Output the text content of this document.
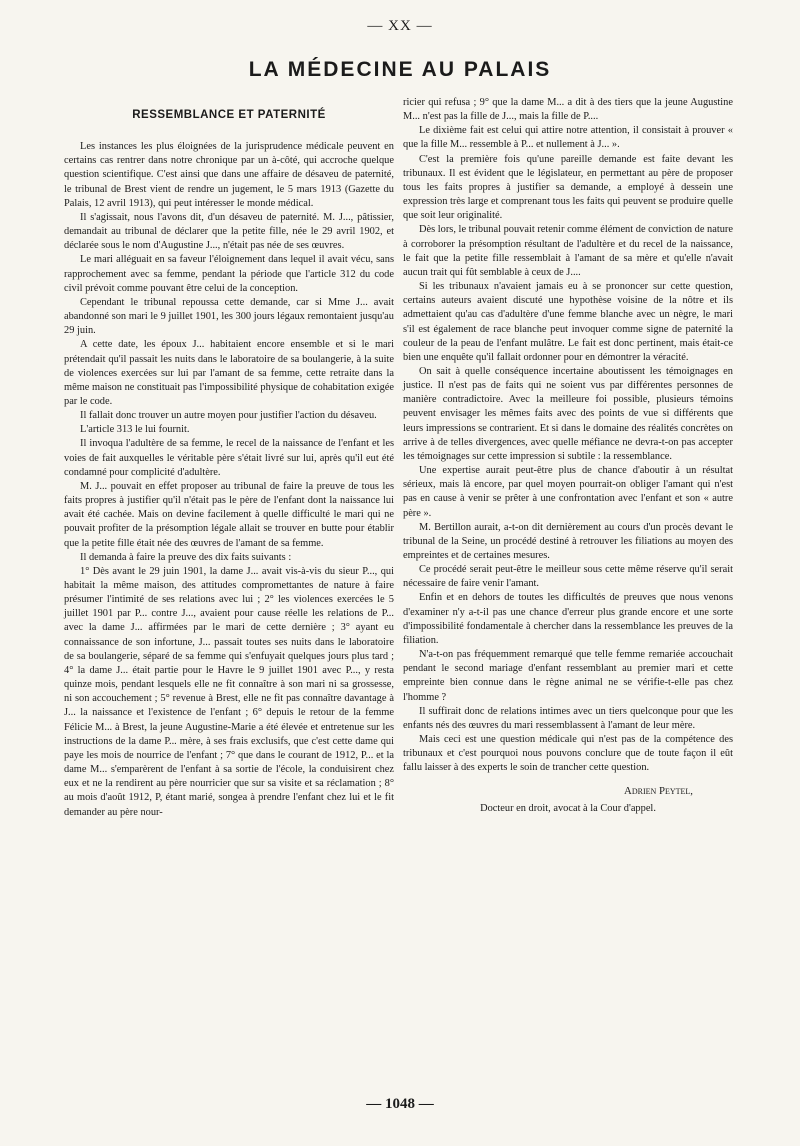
— XX —
LA MÉDECINE AU PALAIS
RESSEMBLANCE ET PATERNITÉ

Les instances les plus éloignées de la jurisprudence médicale peuvent en certains cas rentrer dans notre chronique par un à-côté, qui accroche quelque question scientifique. C'est ainsi que dans une affaire de désaveu de paternité, le tribunal de Brest vient de rendre un jugement, le 5 mars 1913 (Gazette du Palais, 12 avril 1913), qui peut intéresser le monde médical.

Il s'agissait, nous l'avons dit, d'un désaveu de paternité. M. J..., pâtissier, demandait au tribunal de déclarer que la petite fille, née le 29 avril 1902, et déclarée sous le nom d'Augustine J..., n'était pas née de ses œuvres.

Le mari alléguait en sa faveur l'éloignement dans lequel il avait vécu, sans rapprochement avec sa femme, pendant la période que l'article 312 du code civil prévoit comme pouvant être celui de la conception.

Cependant le tribunal repoussa cette demande, car si Mme J... avait abandonné son mari le 9 juillet 1901, les 300 jours légaux remontaient jusqu'au 29 juin.

A cette date, les époux J... habitaient encore ensemble et si le mari prétendait qu'il passait les nuits dans le laboratoire de sa boulangerie, à la suite de violences exercées sur lui par l'amant de sa femme, cette retraite dans la même maison ne constituait pas l'impossibilité physique de cohabitation exigée par le code.

Il fallait donc trouver un autre moyen pour justifier l'action du désaveu.

L'article 313 le lui fournit.

Il invoqua l'adultère de sa femme, le recel de la naissance de l'enfant et les voies de fait auxquelles le véritable père s'était livré sur lui, après qu'il eut été condamné pour complicité d'adultère.

M. J... pouvait en effet proposer au tribunal de faire la preuve de tous les faits propres à justifier qu'il n'était pas le père de l'enfant dont la naissance lui avait été cachée. Mais on devine facilement à quelle difficulté le mari qui ne pouvait profiter de la présomption légale allait se trouver en butte pour établir que la petite fille était née des œuvres de l'amant de sa femme.

Il demanda à faire la preuve des dix faits suivants :

1° Dès avant le 29 juin 1901, la dame J... avait vis-à-vis du sieur P..., qui habitait la même maison, des attitudes compromettantes de nature à faire présumer l'intimité de ses relations avec lui ; 2° les violences exercées le 5 juillet 1901 par P... contre J..., avaient pour cause réelle les relations de P... avec la dame J... affirmées par le mari de cette dernière ; 3° ayant eu connaissance de son infortune, J... passait toutes ses nuits dans le laboratoire de sa boulangerie, séparé de sa femme qui s'enfuyait quelques jours plus tard ; 4° la dame J... était partie pour le Havre le 9 juillet 1901 avec P..., y resta quinze mois, pendant lesquels elle ne fit connaître à son mari ni sa grossesse, ni son accouchement ; 5° revenue à Brest, elle ne fit pas connaître davantage à J... la naissance et l'existence de l'enfant ; 6° depuis le retour de la femme Félicie M... à Brest, la jeune Augustine-Marie a été élevée et entretenue sur les instructions de la dame P... mère, à ses frais exclusifs, que c'est cette dame qui paye les mois de nourrice de l'enfant ; 7° que dans le courant de 1912, P... et la dame M... s'emparèrent de l'enfant à sa sortie de l'école, la conduisirent chez eux et ne la rendirent au père nourricier que sur sa visite et sa réclamation ; 8° au mois d'août 1912, P, étant marié, songea à prendre l'enfant chez lui et le fit demander au père nour-

ricier qui refusa ; 9° que la dame M... a dit à des tiers que la jeune Augustine M... n'est pas la fille de J..., mais la fille de P....

Le dixième fait est celui qui attire notre attention, il consistait à prouver « que la fille M... ressemble à P... et nullement à J... ».

C'est la première fois qu'une pareille demande est faite devant les tribunaux. Il est évident que le législateur, en permettant au père de proposer tous les faits propres à justifier sa demande, a employé à dessein une expression très large et comprenant tous les faits qui peuvent se produire quelle que soit leur originalité.

Dès lors, le tribunal pouvait retenir comme élément de conviction de nature à corroborer la présomption résultant de l'adultère et du recel de la naissance, le fait que la petite fille ressemblait à l'amant de sa mère et qu'elle n'avait aucun trait qui fût semblable à ceux de J....

Si les tribunaux n'avaient jamais eu à se prononcer sur cette question, certains auteurs avaient discuté une hypothèse voisine de la nôtre et ils admettaient qu'au cas d'adultère d'une femme blanche avec un nègre, le mari s'il est également de race blanche peut invoquer comme signe de paternité la couleur de la peau de l'enfant mulâtre. Le fait est donc pertinent, mais était-ce bien une enquête qu'il fallait ordonner pour en démontrer la véracité.

On sait à quelle conséquence incertaine aboutissent les témoignages en justice. Il n'est pas de faits qui ne soient vus par différentes personnes de manière contradictoire. Avec la meilleure foi possible, plusieurs témoins peuvent envisager les mêmes faits avec des points de vue si différents que leurs impressions se contrarient. Et si dans le domaine des réalités concrètes on arrive à de telles divergences, avec quelle méfiance ne devra-t-on pas accepter les témoignages sur cette impression si subtile : la ressemblance.

Une expertise aurait peut-être plus de chance d'aboutir à un résultat sérieux, mais là encore, par quel moyen pourrait-on obliger l'amant qui n'est pas en cause à venir se prêter à une confrontation avec l'enfant et son « autre père ».

M. Bertillon aurait, a-t-on dit dernièrement au cours d'un procès devant le tribunal de la Seine, un procédé destiné à retrouver les filiations au moyen des empreintes et de certaines mesures.

Ce procédé serait peut-être le meilleur sous cette même réserve qu'il serait nécessaire de faire venir l'amant.

Enfin et en dehors de toutes les difficultés de preuves que nous venons d'examiner n'y a-t-il pas une chance d'erreur plus grande encore et une sorte d'impossibilité fondamentale à chercher dans la ressemblance les preuves de la filiation.

N'a-t-on pas fréquemment remarqué que telle femme remariée accouchait pendant le second mariage d'enfant ressemblant au premier mari et cette empreinte bien connue dans le règne animal ne se vérifie-t-elle pas chez l'homme ?

Il suffirait donc de relations intimes avec un tiers quelconque pour que les enfants nés des œuvres du mari ressemblassent à l'amant de leur mère.

Mais ceci est une question médicale qui n'est pas de la compétence des tribunaux et c'est pourquoi nous pouvons conclure que de toute façon il eût fallu laisser à des experts le soin de trancher cette question.

Adrien Peytel,
Docteur en droit, avocat à la Cour d'appel.
— 1048 —
